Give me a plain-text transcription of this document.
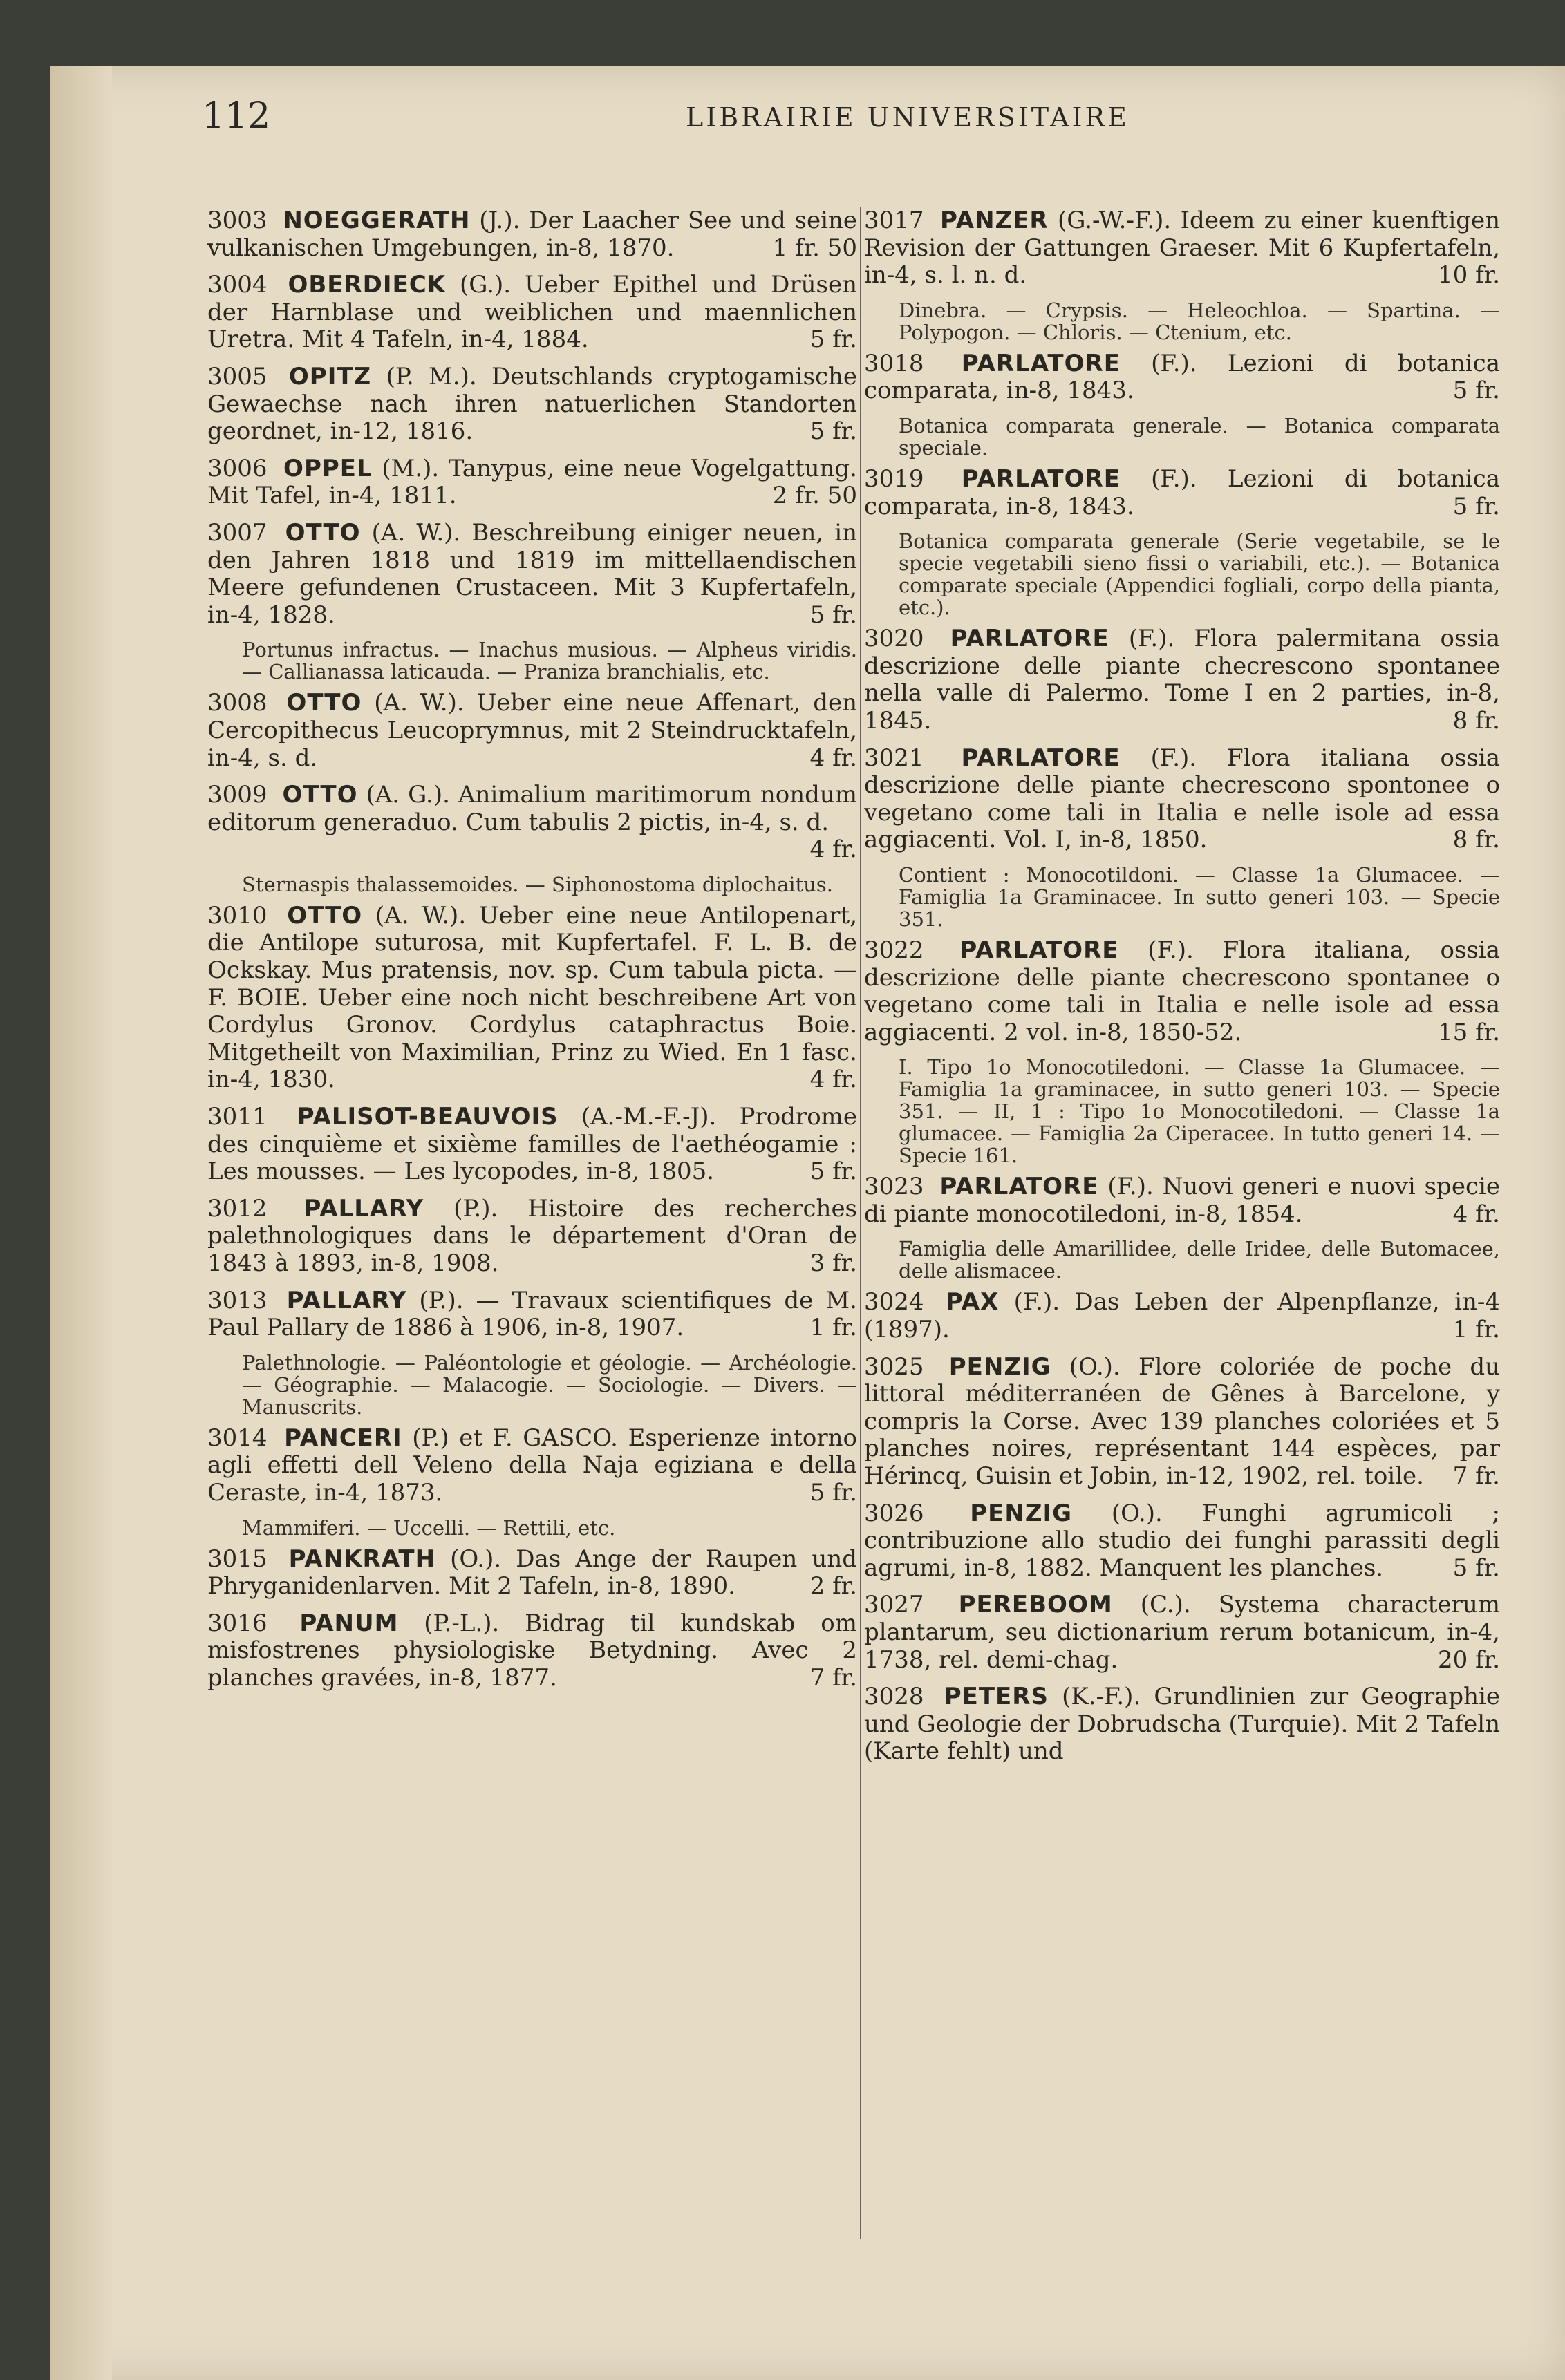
112	LIBRAIRIE UNIVERSITAIRE
3003 NOEGGERATH (J.). Der Laacher See und seine vulkanischen Umgebungen, in-8, 1870.	1 fr. 50
3004 OBERDIECK (G.). Ueber Epithel und Drüsen der Harnblase und weiblichen und maennlichen Uretra. Mit 4 Tafeln, in-4, 1884.	5 fr.
3005 OPITZ (P. M.). Deutschlands cryptogamische Gewaechse nach ihren natuerlichen Standorten geordnet, in-12, 1816.	5 fr.
3006 OPPEL (M.). Tanypus, eine neue Vogelgattung. Mit Tafel, in-4, 1811.	2 fr. 50
3007 OTTO (A. W.). Beschreibung einiger neuen, in den Jahren 1818 und 1819 im mittellaendischen Meere gefundenen Crustaceen. Mit 3 Kupfertafeln, in-4, 1828.	5 fr.
Portunus infractus. — Inachus musious. — Alpheus viridis. — Callianassa laticauda. — Praniza branchialis, etc.
3008 OTTO (A. W.). Ueber eine neue Affenart, den Cercopithecus Leucoprymnus, mit 2 Steindrucktafeln, in-4, s. d.	4 fr.
3009 OTTO (A. G.). Animalium maritimorum nondum editorum generaduo. Cum tabulis 2 pictis, in-4, s. d.
4 fr.
Sternaspis thalassemoides. — Siphonostoma diplochaitus.
3010 OTTO (A. W.). Ueber eine neue Antilopenart, die Antilope suturosa, mit Kupfertafel. F. L. B. de Ockskay. Mus pratensis, nov. sp. Cum tabula picta. — F. BOIE. Ueber eine noch nicht beschreibene Art von Cordylus Gronov. Cordylus cataphractus Boie. Mitgetheilt von Maximilian, Prinz zu Wied. En 1 fasc. in-4, 1830.	4 fr.
3011 PALISOT-BEAUVOIS (A.-M.-F.-J). Prodrome des cinquième et sixième familles de l'aethéogamie : Les mousses. — Les lycopodes, in-8, 1805.	5 fr.
3012 PALLARY (P.). Histoire des recherches palethnologiques dans le département d'Oran de 1843 à 1893, in-8, 1908.	3 fr.
3013 PALLARY (P.). — Travaux scientifiques de M. Paul Pallary de 1886 à 1906, in-8, 1907.	1 fr.
Palethnologie. — Paléontologie et géologie. — Archéologie. — Géographie. — Malacogie. — Sociologie. — Divers. — Manuscrits.
3014 PANCERI (P.) et F. GASCO. Esperienze intorno agli effetti dell Veleno della Naja egiziana e della Ceraste, in-4, 1873.	5 fr.
Mammiferi. — Uccelli. — Rettili, etc.
3015 PANKRATH (O.). Das Ange der Raupen und Phryganidenlarven. Mit 2 Tafeln, in-8, 1890.	2 fr.
3016 PANUM (P.-L.). Bidrag til kundskab om misfostrenes physiologiske Betydning. Avec 2 planches gravées, in-8, 1877.	7 fr.
3017 PANZER (G.-W.-F.). Ideem zu einer kuenftigen Revision der Gattungen Graeser. Mit 6 Kupfertafeln, in-4, s. l. n. d.	10 fr.
Dinebra. — Crypsis. — Heleochloa. — Spartina. — Polypogon. — Chloris. — Ctenium, etc.
3018 PARLATORE (F.). Lezioni di botanica comparata, in-8, 1843.	5 fr.
Botanica comparata generale. — Botanica comparata speciale.
3019 PARLATORE (F.). Lezioni di botanica comparata, in-8, 1843.	5 fr.
Botanica comparata generale (Serie vegetabile, se le specie vegetabili sieno fissi o variabili, etc.). — Botanica comparate speciale (Appendici fogliali, corpo della pianta, etc.).
3020 PARLATORE (F.). Flora palermitana ossia descrizione delle piante checrescono spontanee nella valle di Palermo. Tome I en 2 parties, in-8, 1845.	8 fr.
3021 PARLATORE (F.). Flora italiana ossia descrizione delle piante checrescono spontonee o vegetano come tali in Italia e nelle isole ad essa aggiacenti. Vol. I, in-8, 1850.	8 fr.
Contient : Monocotildoni. — Classe 1a Glumacee. — Famiglia 1a Graminacee. In sutto generi 103. — Specie 351.
3022 PARLATORE (F.). Flora italiana, ossia descrizione delle piante checrescono spontanee o vegetano come tali in Italia e nelle isole ad essa aggiacenti. 2 vol. in-8, 1850-52.	15 fr.
I. Tipo 1o Monocotiledoni. — Classe 1a Glumacee. — Famiglia 1a graminacee, in sutto generi 103. — Specie 351. — II, 1 : Tipo 1o Monocotiledoni. — Classe 1a glumacee. — Famiglia 2a Ciperacee. In tutto generi 14. — Specie 161.
3023 PARLATORE (F.). Nuovi generi e nuovi specie di piante monocotiledoni, in-8, 1854.	4 fr.
Famiglia delle Amarillidee, delle Iridee, delle Butomacee, delle alismacee.
3024 PAX (F.). Das Leben der Alpenpflanze, in-4 (1897).	1 fr.
3025 PENZIG (O.). Flore coloriée de poche du littoral méditerranéen de Gênes à Barcelone, y compris la Corse. Avec 139 planches coloriées et 5 planches noires, représentant 144 espèces, par Hérincq, Guisin et Jobin, in-12, 1902, rel. toile. 7 fr.
3026 PENZIG (O.). Funghi agrumicoli ; contribuzione allo studio dei funghi parassiti degli agrumi, in-8, 1882. Manquent les planches.	5 fr.
3027 PEREBOOM (C.). Systema characterum plantarum, seu dictionarium rerum botanicum, in-4, 1738, rel. demi-chag.	20 fr.
3028 PETERS (K.-F.). Grundlinien zur Geographie und Geologie der Dobrudscha (Turquie). Mit 2 Tafeln (Karte fehlt) und
